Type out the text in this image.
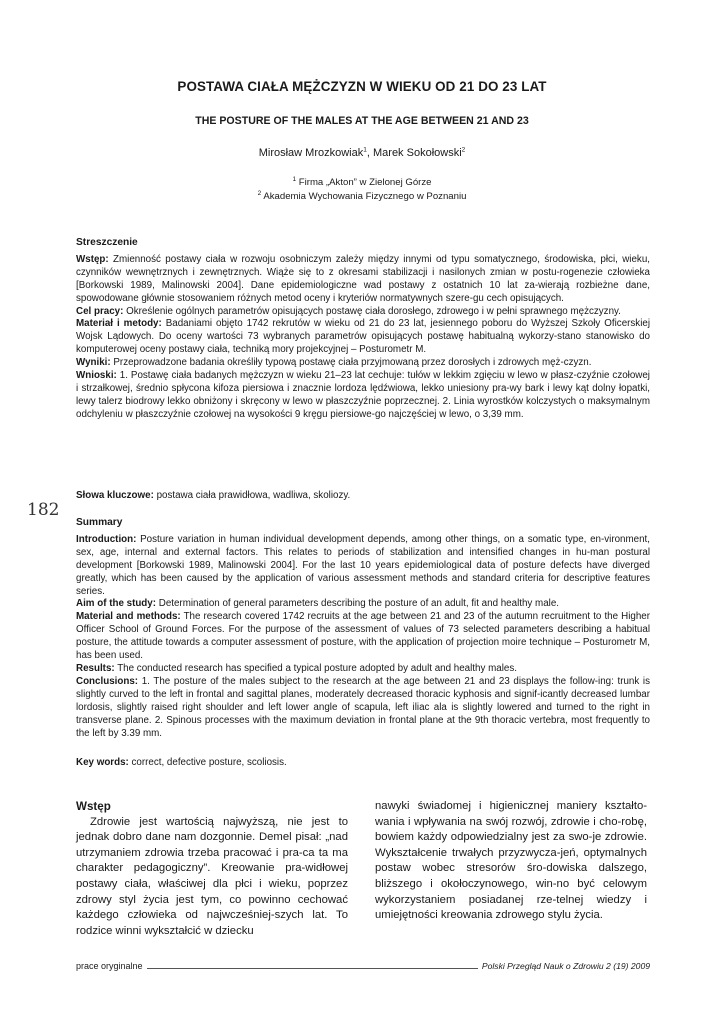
POSTAWA CIAŁA MĘŻCZYZN W WIEKU OD 21 DO 23 LAT
THE POSTURE OF THE MALES AT THE AGE BETWEEN 21 AND 23
Mirosław Mrozkowiak$^1$, Marek Sokołowski$^2$
$^1$ Firma „Akton” w Zielonej Górze
$^2$ Akademia Wychowania Fizycznego w Poznaniu

Streszczenie

Wstęp: Zmienność postawy ciała w rozwoju osobniczym zależy między innymi od typu somatycznego, środowiska, płci, wieku, czynników wewnętrznych i zewnętrznych. Wiąże się to z okresami stabilizacji i nasilonych zmian w postu-rogenezie człowieka [Borkowski 1989, Malinowski 2004]. Dane epidemiologiczne wad postawy z ostatnich 10 lat za-wierają rozbieżne dane, spowodowane głównie stosowaniem różnych metod oceny i kryteriów normatywnych szere-gu cech opisujących.

Cel pracy: Określenie ogólnych parametrów opisujących postawę ciała dorosłego, zdrowego i w pełni sprawnego mężczyzny.

Materiał i metody: Badaniami objęto 1742 rekrutów w wieku od 21 do 23 lat, jesiennego poboru do Wyższej Szkoły Oficerskiej Wojsk Lądowych. Do oceny wartości 73 wybranych parametrów opisujących postawę habitualną wykorzy-stano stanowisko do komputerowej oceny postawy ciała, techniką mory projekcyjnej – Posturometr M.

Wyniki: Przeprowadzone badania określiły typową postawę ciała przyjmowaną przez dorosłych i zdrowych męż-czyzn.

Wnioski: 1. Postawę ciała badanych mężczyzn w wieku 21–23 lat cechuje: tułów w lekkim zgięciu w lewo w płasz-czyźnie czołowej i strzałkowej, średnio spłycona kifoza piersiowa i znacznie lordoza lędźwiowa, lekko uniesiony pra-wy bark i lewy kąt dolny łopatki, lewy talerz biodrowy lekko obniżony i skręcony w lewo w płaszczyźnie poprzecznej. 2. Linia wyrostków kolczystych o maksymalnym odchyleniu w płaszczyźnie czołowej na wysokości 9 kręgu piersiowe-go najczęściej w lewo, o 3,39 mm.

Słowa kluczowe: postawa ciała prawidłowa, wadliwa, skoliozy.

182

Summary

Introduction: Posture variation in human individual development depends, among other things, on a somatic type, en-vironment, sex, age, internal and external factors. This relates to periods of stabilization and intensified changes in hu-man postural development [Borkowski 1989, Malinowski 2004]. For the last 10 years epidemiological data of posture defects have diverged greatly, which has been caused by the application of various assessment methods and standard criteria for descriptive features series.

Aim of the study: Determination of general parameters describing the posture of an adult, fit and healthy male.

Material and methods: The research covered 1742 recruits at the age between 21 and 23 of the autumn recruitment to the Higher Officer School of Ground Forces. For the purpose of the assessment of values of 73 selected parameters describing a habitual posture, the attitude towards a computer assessment of posture, with the application of projection moire technique – Posturometr M, has been used.

Results: The conducted research has specified a typical posture adopted by adult and healthy males.

Conclusions: 1. The posture of the males subject to the research at the age between 21 and 23 displays the follow-ing: trunk is slightly curved to the left in frontal and sagittal planes, moderately decreased thoracic kyphosis and signif-icantly decreased lumbar lordosis, slightly raised right shoulder and left lower angle of scapula, left iliac ala is slightly lowered and turned to the right in transverse plane. 2. Spinous processes with the maximum deviation in frontal plane at the 9th thoracic vertebra, most frequently to the left by 3.39 mm.

Key words: correct, defective posture, scoliosis.

Wstęp

Zdrowie jest wartością najwyższą, nie jest to jednak dobro dane nam dozgonnie. Demel pisał: „nad utrzymaniem zdrowia trzeba pracować i pra-ca ta ma charakter pedagogiczny”. Kreowanie pra-widłowej postawy ciała, właściwej dla płci i wieku, poprzez zdrowy styl życia jest tym, co powinno cechować każdego człowieka od najwcześniej-szych lat. To rodzice winni wykształcić w dziecku

nawyki świadomej i higienicznej maniery kształto-wania i wpływania na swój rozwój, zdrowie i cho-robę, bowiem każdy odpowiedzialny jest za swo-je zdrowie. Wykształcenie trwałych przyzwycza-jeń, optymalnych postaw wobec stresorów śro-dowiska dalszego, bliższego i okołoczynowego, win-no być celowym wykorzystaniem posiadanej rze-telnej wiedzy i umiejętności kreowania zdrowego stylu życia.

prace oryginalne	Polski Przegląd Nauk o Zdrowiu 2 (19) 2009
